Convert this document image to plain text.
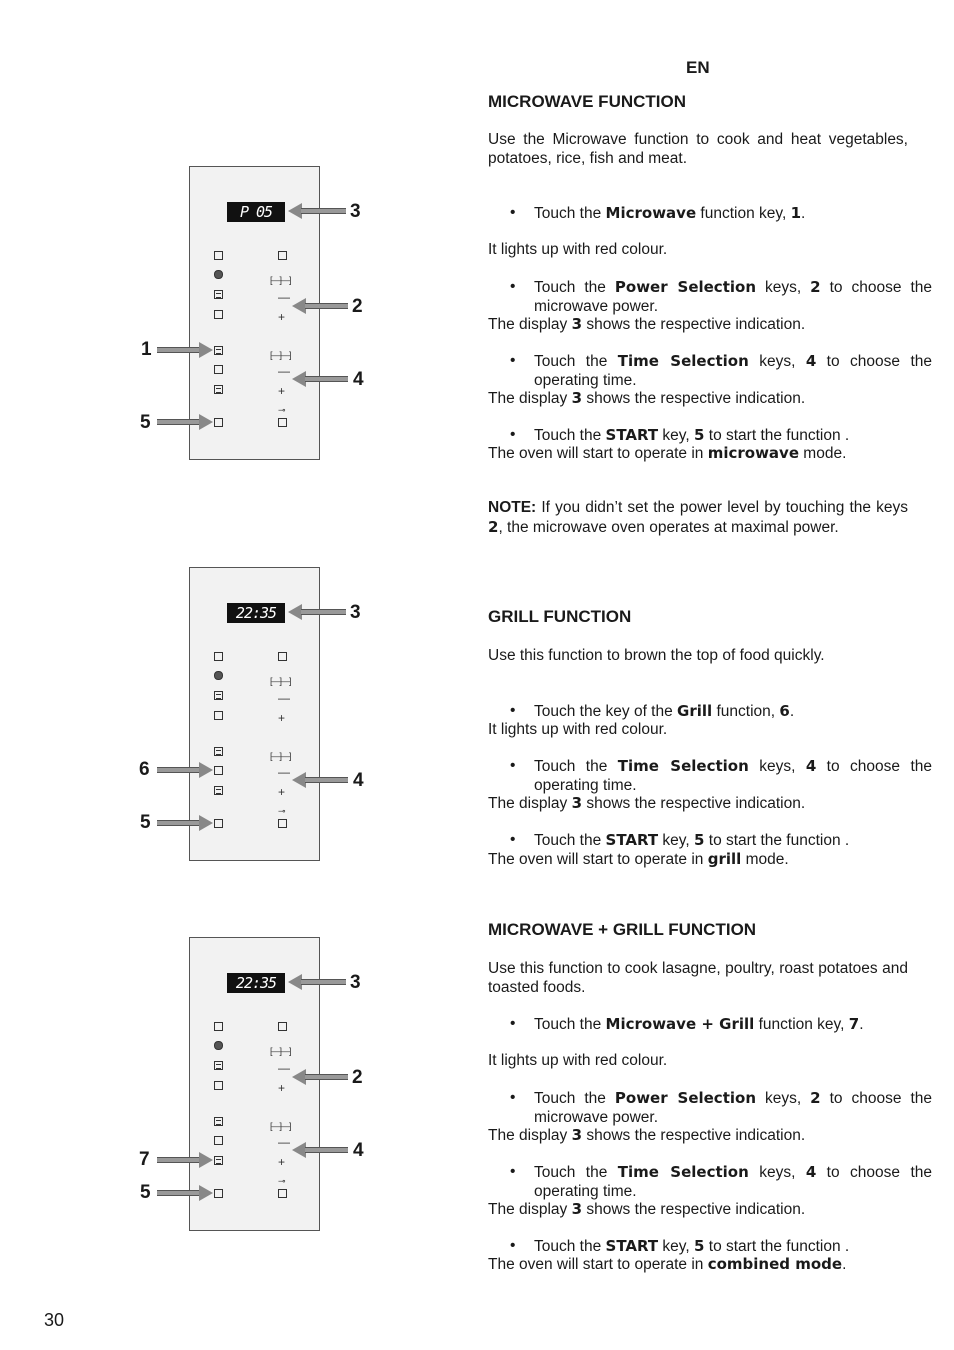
EN
P 05
[—]—]
—
+
[—]—]
—
+
⊸
3
2
4
1
5
22:35
[—]—]
—
+
[—]—]
—
+
⊸
3
4
6
5
22:35
[—]—]
—
+
[—]—]
—
+
⊸
3
2
4
7
5
MICROWAVE FUNCTION

Use the Microwave function to cook and heat vegetables, potatoes, rice, fish and meat.

• Touch the Microwave function key, 1.
It lights up with red colour.
• Touch the Power Selection keys, 2 to choose the microwave power.
The display 3 shows the respective indication.
• Touch the Time Selection keys, 4 to choose the operating time.
The display 3 shows the respective indication.
• Touch the START key, 5 to start the function .
The oven will start to operate in microwave mode.

NOTE: If you didn’t set the power level by touching the keys 2, the microwave oven operates at maximal power.

GRILL FUNCTION

Use this function to brown the top of food quickly.

• Touch the key of the Grill function, 6.
It lights up with red colour.
• Touch the Time Selection keys, 4 to choose the operating time.
The display 3 shows the respective indication.
• Touch the START key, 5 to start the function .
The oven will start to operate in grill mode.
MICROWAVE + GRILL FUNCTION

Use this function to cook lasagne, poultry, roast potatoes and toasted foods.

• Touch the Microwave + Grill function key, 7.
It lights up with red colour.
• Touch the Power Selection keys, 2 to choose the microwave power.
The display 3 shows the respective indication.
• Touch the Time Selection keys, 4 to choose the operating time.
The display 3 shows the respective indication.
• Touch the START key, 5 to start the function .
The oven will start to operate in combined mode.
30
